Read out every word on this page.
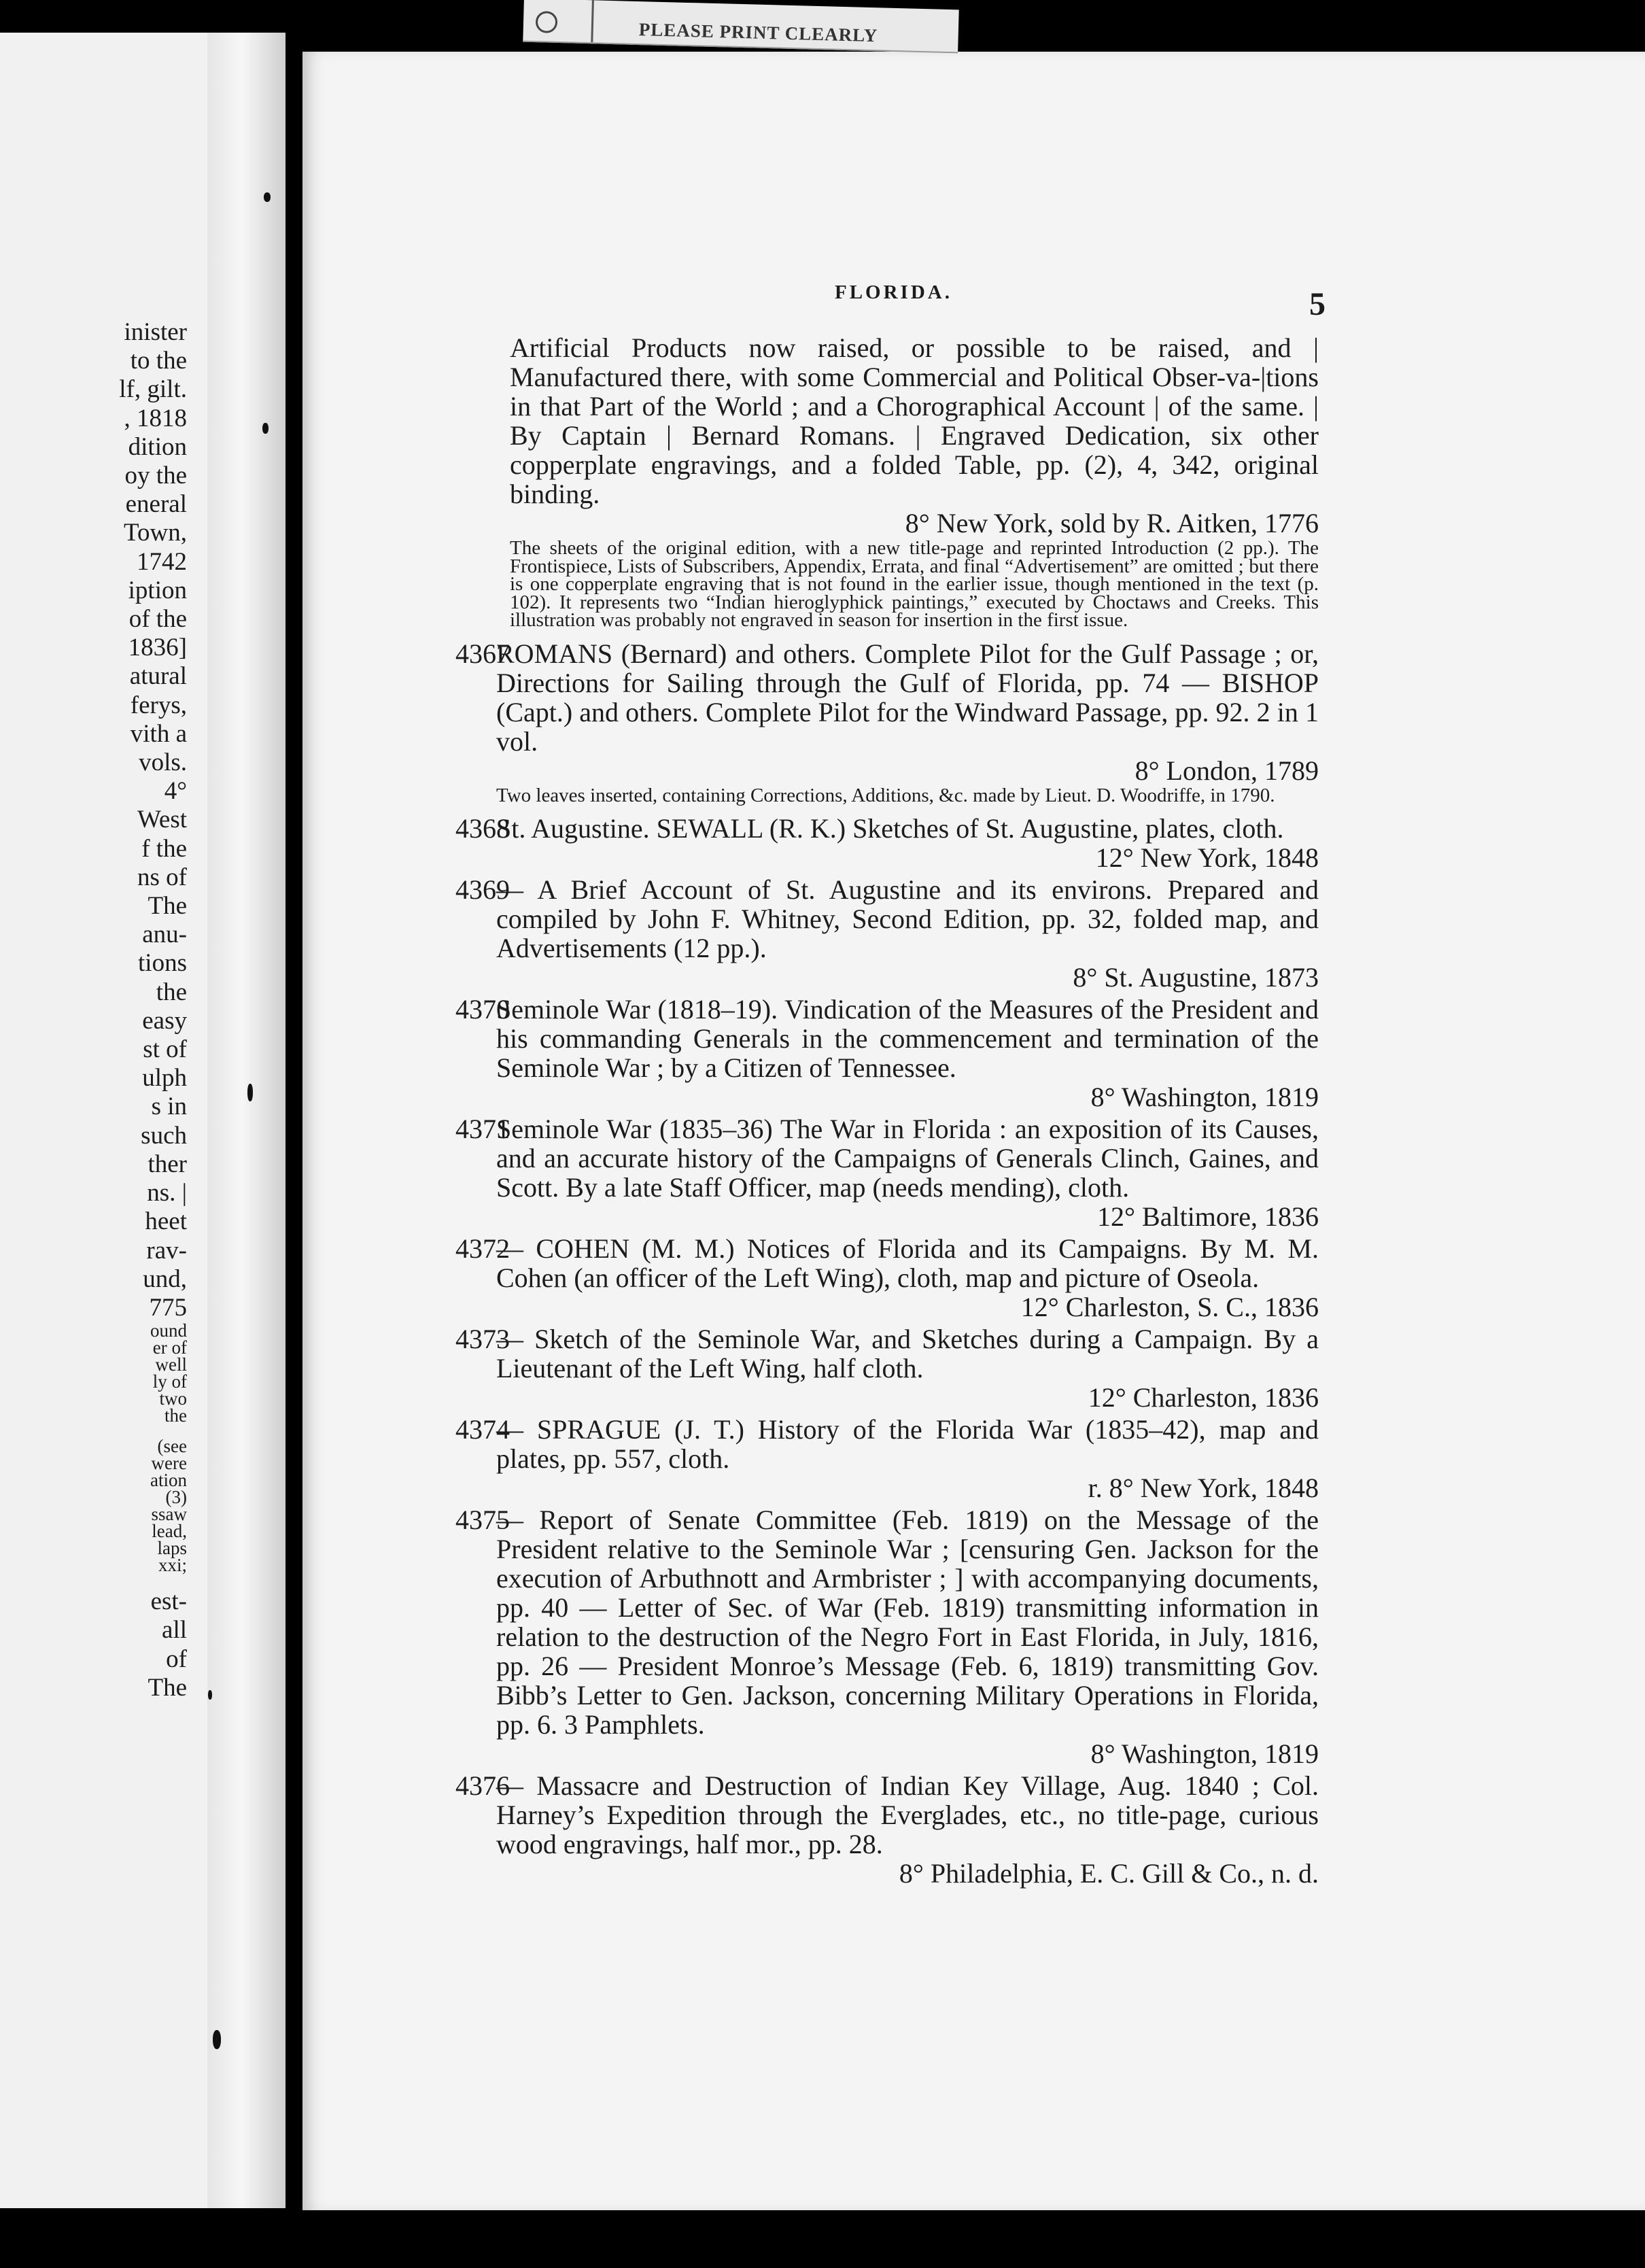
inister
to the
lf, gilt.
, 1818
dition
oy the
eneral
Town,
1742
iption
of the
1836]
atural
ferys,
vith a
vols.
4°
West
f the
ns of
The
anu-
tions
the
easy
st of
ulph
s in
such
ther
ns. |
heet
rav-
und,
775
ound
er of
well
ly of
two
the
(see
were
ation
(3)
ssaw
lead,
laps
xxi;
est-
all
of
The
PLEASE PRINT CLEARLY
FLORIDA.	5
Artificial Products now raised, or possible to be raised, and | Manufactured there, with some Commercial and Political Obser-va-|tions in that Part of the World ; and a Chorographical Account | of the same. | By Captain | Bernard Romans. | Engraved Dedication, six other copperplate engravings, and a folded Table, pp. (2), 4, 342, original binding.
8° New York, sold by R. Aitken, 1776
The sheets of the original edition, with a new title-page and reprinted Introduction (2 pp.). The Frontispiece, Lists of Subscribers, Appendix, Errata, and final “Advertisement” are omitted ; but there is one copperplate engraving that is not found in the earlier issue, though mentioned in the text (p. 102). It represents two “Indian hieroglyphick paintings,” executed by Choctaws and Creeks. This illustration was probably not engraved in season for insertion in the first issue.
4367
ROMANS (Bernard) and others. Complete Pilot for the Gulf Passage ; or, Directions for Sailing through the Gulf of Florida, pp. 74 — BISHOP (Capt.) and others. Complete Pilot for the Windward Passage, pp. 92. 2 in 1 vol.
8° London, 1789
Two leaves inserted, containing Corrections, Additions, &c. made by Lieut. D. Woodriffe, in 1790.
4368
St. Augustine. SEWALL (R. K.) Sketches of St. Augustine, plates, cloth.
12° New York, 1848
4369
— A Brief Account of St. Augustine and its environs. Prepared and compiled by John F. Whitney, Second Edition, pp. 32, folded map, and Advertisements (12 pp.).
8° St. Augustine, 1873
4370
Seminole War (1818–19). Vindication of the Measures of the President and his commanding Generals in the commencement and termination of the Seminole War ; by a Citizen of Tennessee.
8° Washington, 1819
4371
Seminole War (1835–36) The War in Florida : an exposition of its Causes, and an accurate history of the Campaigns of Generals Clinch, Gaines, and Scott. By a late Staff Officer, map (needs mending), cloth.
12° Baltimore, 1836
4372
— COHEN (M. M.) Notices of Florida and its Campaigns. By M. M. Cohen (an officer of the Left Wing), cloth, map and picture of Oseola.
12° Charleston, S. C., 1836
4373
— Sketch of the Seminole War, and Sketches during a Campaign. By a Lieutenant of the Left Wing, half cloth.
12° Charleston, 1836
4374
— SPRAGUE (J. T.) History of the Florida War (1835–42), map and plates, pp. 557, cloth.
r. 8° New York, 1848
4375
— Report of Senate Committee (Feb. 1819) on the Message of the President relative to the Seminole War ; [censuring Gen. Jackson for the execution of Arbuthnott and Armbrister ; ] with accompanying documents, pp. 40 — Letter of Sec. of War (Feb. 1819) transmitting information in relation to the destruction of the Negro Fort in East Florida, in July, 1816, pp. 26 — President Monroe’s Message (Feb. 6, 1819) transmitting Gov. Bibb’s Letter to Gen. Jackson, concerning Military Operations in Florida, pp. 6. 3 Pamphlets.
8° Washington, 1819
4376
— Massacre and Destruction of Indian Key Village, Aug. 1840 ; Col. Harney’s Expedition through the Everglades, etc., no title-page, curious wood engravings, half mor., pp. 28.
8° Philadelphia, E. C. Gill & Co., n. d.
